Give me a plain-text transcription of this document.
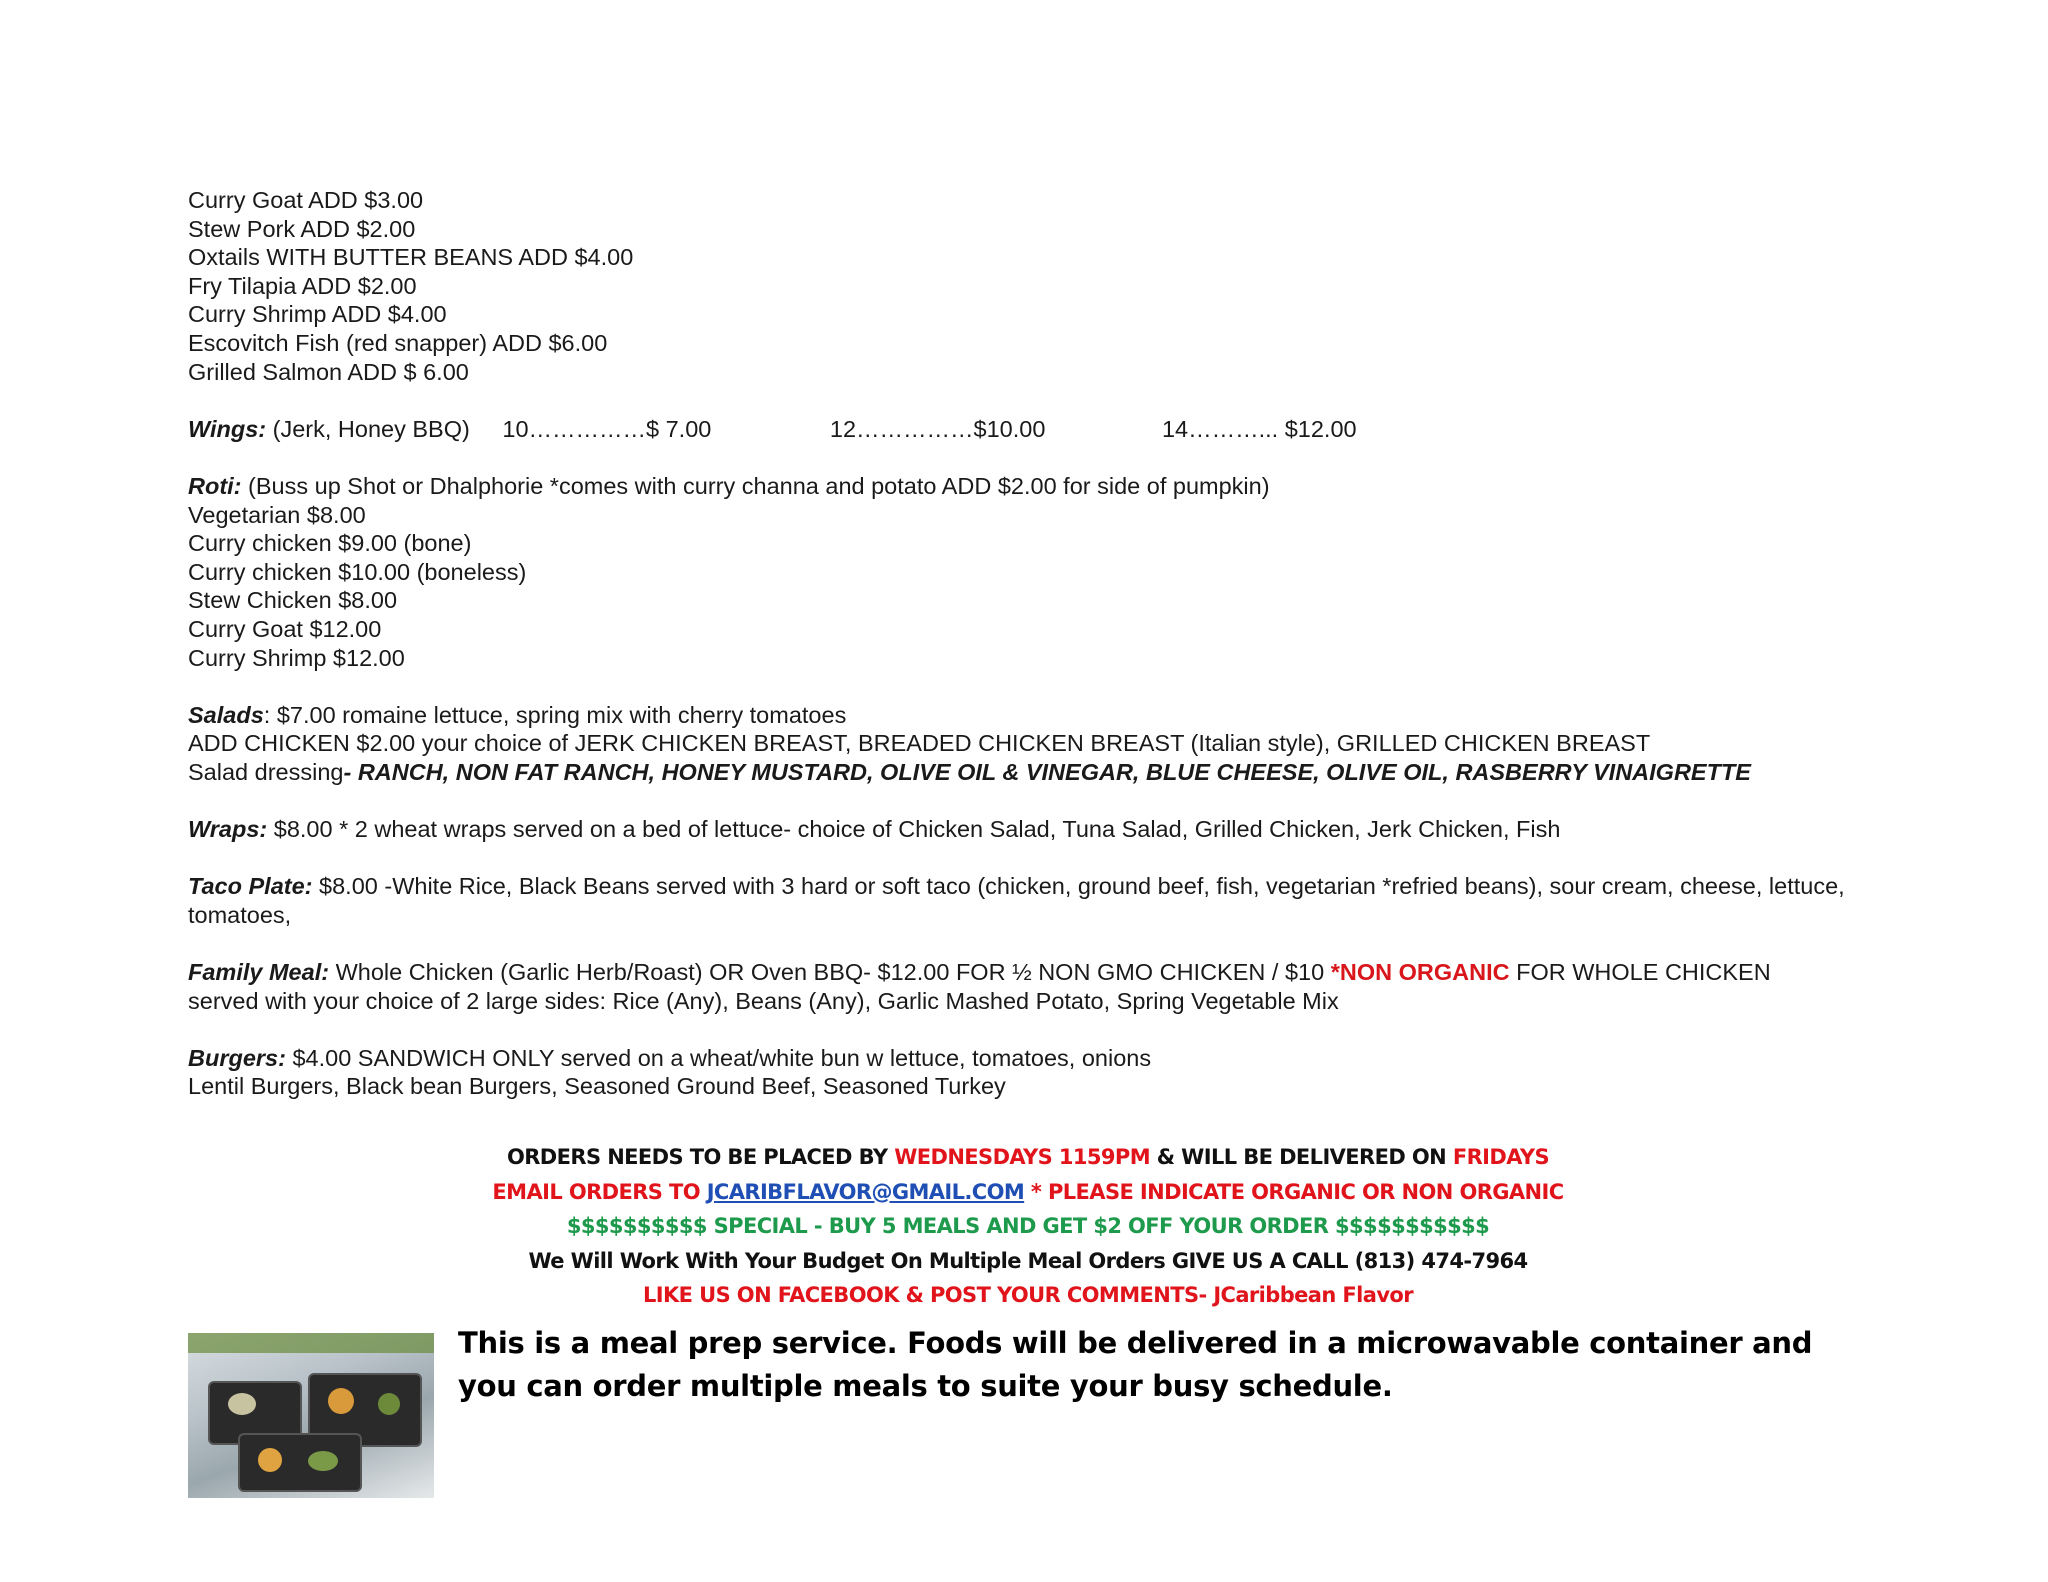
Curry Goat ADD $3.00
Stew Pork ADD $2.00
Oxtails WITH BUTTER BEANS ADD $4.00
Fry Tilapia ADD $2.00
Curry Shrimp ADD $4.00
Escovitch Fish (red snapper) ADD $6.00
Grilled Salmon ADD $ 6.00
Wings: (Jerk, Honey BBQ) 10……………$ 7.00	12……………$10.00	14………... $12.00
Roti: (Buss up Shot or Dhalphorie *comes with curry channa and potato ADD $2.00 for side of pumpkin)
Vegetarian $8.00
Curry chicken $9.00 (bone)
Curry chicken $10.00 (boneless)
Stew Chicken $8.00
Curry Goat $12.00
Curry Shrimp $12.00
Salads: $7.00 romaine lettuce, spring mix with cherry tomatoes
ADD CHICKEN $2.00 your choice of JERK CHICKEN BREAST, BREADED CHICKEN BREAST (Italian style), GRILLED CHICKEN BREAST
Salad dressing- RANCH, NON FAT RANCH, HONEY MUSTARD, OLIVE OIL & VINEGAR, BLUE CHEESE, OLIVE OIL, RASBERRY VINAIGRETTE
Wraps: $8.00 * 2 wheat wraps served on a bed of lettuce- choice of Chicken Salad, Tuna Salad, Grilled Chicken, Jerk Chicken, Fish
Taco Plate: $8.00 -White Rice, Black Beans served with 3 hard or soft taco (chicken, ground beef, fish, vegetarian *refried beans), sour cream, cheese, lettuce, tomatoes,
Family Meal: Whole Chicken (Garlic Herb/Roast) OR Oven BBQ- $12.00 FOR ½ NON GMO CHICKEN / $10 *NON ORGANIC FOR WHOLE CHICKEN
served with your choice of 2 large sides: Rice (Any), Beans (Any), Garlic Mashed Potato, Spring Vegetable Mix
Burgers: $4.00 SANDWICH ONLY served on a wheat/white bun w lettuce, tomatoes, onions
Lentil Burgers, Black bean Burgers, Seasoned Ground Beef, Seasoned Turkey
ORDERS NEEDS TO BE PLACED BY WEDNESDAYS 1159PM & WILL BE DELIVERED ON FRIDAYS
EMAIL ORDERS TO JCARIBFLAVOR@GMAIL.COM * PLEASE INDICATE ORGANIC OR NON ORGANIC
$$$$$$$$$$ SPECIAL - BUY 5 MEALS AND GET $2 OFF YOUR ORDER $$$$$$$$$$$
We Will Work With Your Budget On Multiple Meal Orders GIVE US A CALL (813) 474-7964
LIKE US ON FACEBOOK & POST YOUR COMMENTS- JCaribbean Flavor
This is a meal prep service. Foods will be delivered in a microwavable container and you can order multiple meals to suite your busy schedule.
